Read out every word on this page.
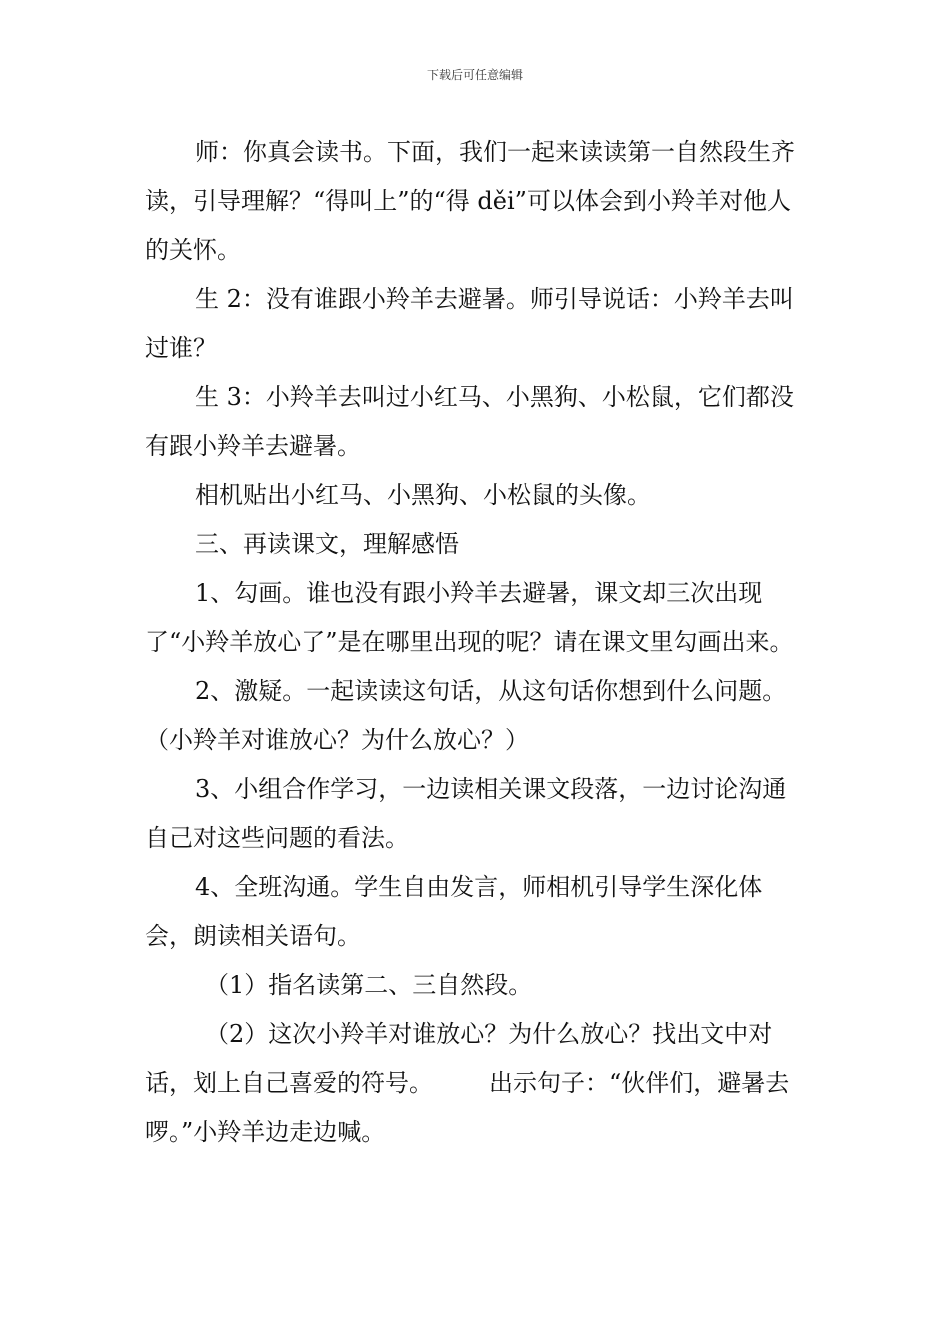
下载后可任意编辑

师：你真会读书。下面，我们一起来读读第一自然段生齐读，引导理解？“得叫上”的“得 děi”可以体会到小羚羊对他人的关怀。

生 2：没有谁跟小羚羊去避暑。师引导说话：小羚羊去叫过谁？

生 3：小羚羊去叫过小红马、小黑狗、小松鼠，它们都没有跟小羚羊去避暑。

相机贴出小红马、小黑狗、小松鼠的头像。

三、再读课文，理解感悟

1、勾画。谁也没有跟小羚羊去避暑，课文却三次出现了“小羚羊放心了”是在哪里出现的呢？请在课文里勾画出来。

2、激疑。一起读读这句话，从这句话你想到什么问题。（小羚羊对谁放心？为什么放心？）

3、小组合作学习，一边读相关课文段落，一边讨论沟通自己对这些问题的看法。

4、全班沟通。学生自由发言，师相机引导学生深化体会，朗读相关语句。

（1）指名读第二、三自然段。

（2）这次小羚羊对谁放心？为什么放心？找出文中对话，划上自己喜爱的符号。 出示句子：“伙伴们，避暑去啰。”小羚羊边走边喊。
